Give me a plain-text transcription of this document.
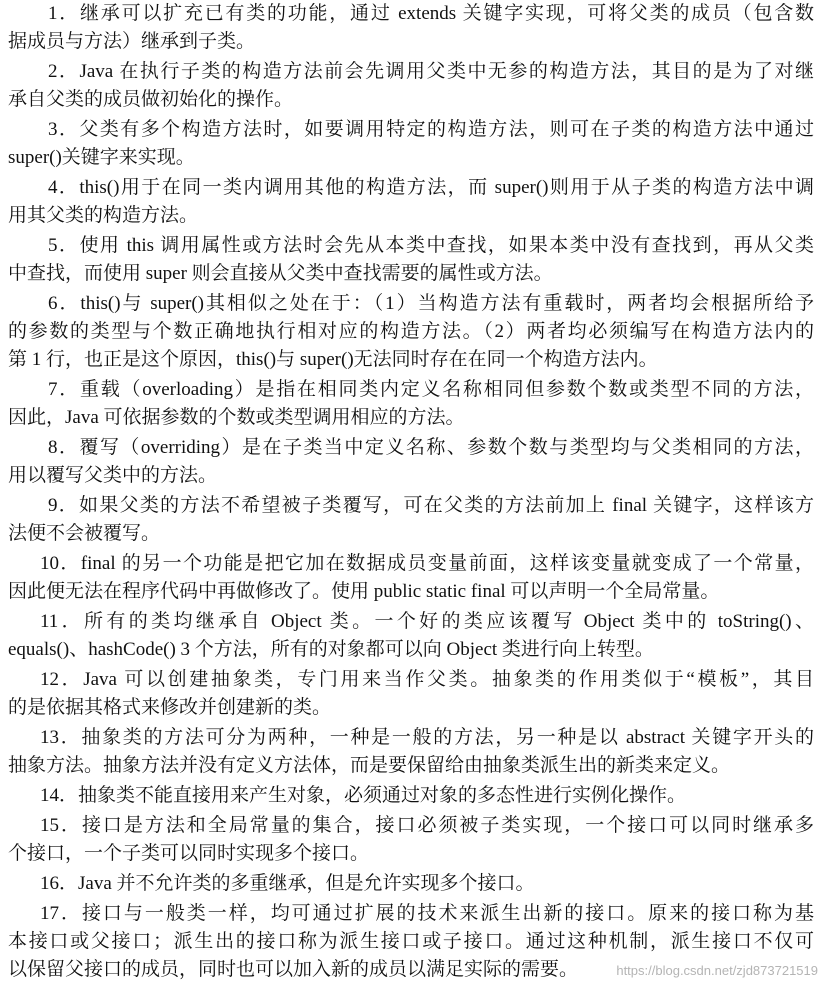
1．继承可以扩充已有类的功能，通过 extends 关键字实现，可将父类的成员（包含数
据成员与方法）继承到子类。
2．Java 在执行子类的构造方法前会先调用父类中无参的构造方法，其目的是为了对继
承自父类的成员做初始化的操作。
3．父类有多个构造方法时，如要调用特定的构造方法，则可在子类的构造方法中通过
super()关键字来实现。
4．this()用于在同一类内调用其他的构造方法，而 super()则用于从子类的构造方法中调
用其父类的构造方法。
5．使用 this 调用属性或方法时会先从本类中查找，如果本类中没有查找到，再从父类
中查找，而使用 super 则会直接从父类中查找需要的属性或方法。
6．this()与 super()其相似之处在于：（1）当构造方法有重载时，两者均会根据所给予
的参数的类型与个数正确地执行相对应的构造方法。（2）两者均必须编写在构造方法内的
第 1 行，也正是这个原因，this()与 super()无法同时存在在同一个构造方法内。
7．重载（overloading）是指在相同类内定义名称相同但参数个数或类型不同的方法，
因此，Java 可依据参数的个数或类型调用相应的方法。
8．覆写（overriding）是在子类当中定义名称、参数个数与类型均与父类相同的方法，
用以覆写父类中的方法。
9．如果父类的方法不希望被子类覆写，可在父类的方法前加上 final 关键字，这样该方
法便不会被覆写。
10．final 的另一个功能是把它加在数据成员变量前面，这样该变量就变成了一个常量，
因此便无法在程序代码中再做修改了。使用 public static final 可以声明一个全局常量。
11．所有的类均继承自 Object 类。一个好的类应该覆写 Object 类中的 toString()、
equals()、hashCode() 3 个方法，所有的对象都可以向 Object 类进行向上转型。
12．Java 可以创建抽象类，专门用来当作父类。抽象类的作用类似于“模板”，其目
的是依据其格式来修改并创建新的类。
13．抽象类的方法可分为两种，一种是一般的方法，另一种是以 abstract 关键字开头的
抽象方法。抽象方法并没有定义方法体，而是要保留给由抽象类派生出的新类来定义。
14．抽象类不能直接用来产生对象，必须通过对象的多态性进行实例化操作。
15．接口是方法和全局常量的集合，接口必须被子类实现，一个接口可以同时继承多
个接口，一个子类可以同时实现多个接口。
16．Java 并不允许类的多重继承，但是允许实现多个接口。
17．接口与一般类一样，均可通过扩展的技术来派生出新的接口。原来的接口称为基
本接口或父接口；派生出的接口称为派生接口或子接口。通过这种机制，派生接口不仅可
以保留父接口的成员，同时也可以加入新的成员以满足实际的需要。	https://blog.csdn.net/zjd873721519
